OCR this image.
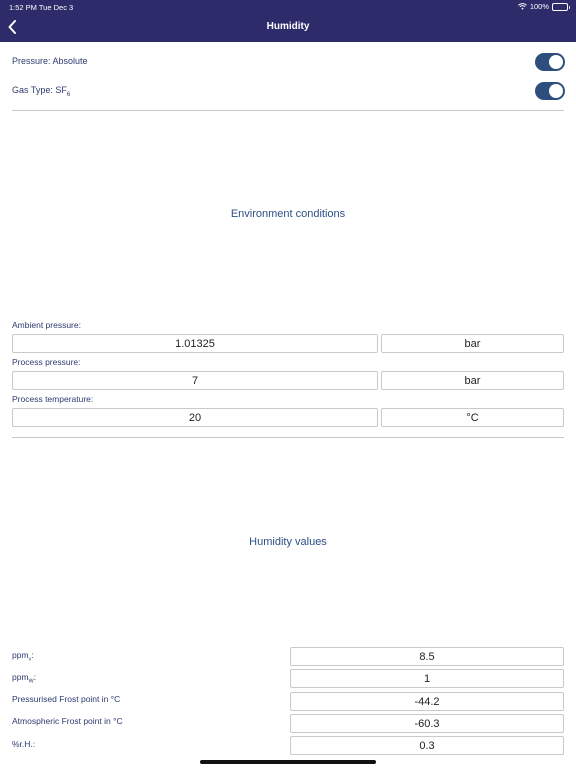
1:52 PM Tue Dec 3	100%
Humidity
Pressure: Absolute
Gas Type: $SF_6$
Environment conditions
Ambient pressure:
1.01325	bar
Process pressure:
7	bar
Process temperature:
20	°C
Humidity values
ppm$_v$:	8.5
ppm$_W$:	1
Pressurised Frost point in °C	-44.2
Atmospheric Frost point in °C	-60.3
%r.H.:	0.3
